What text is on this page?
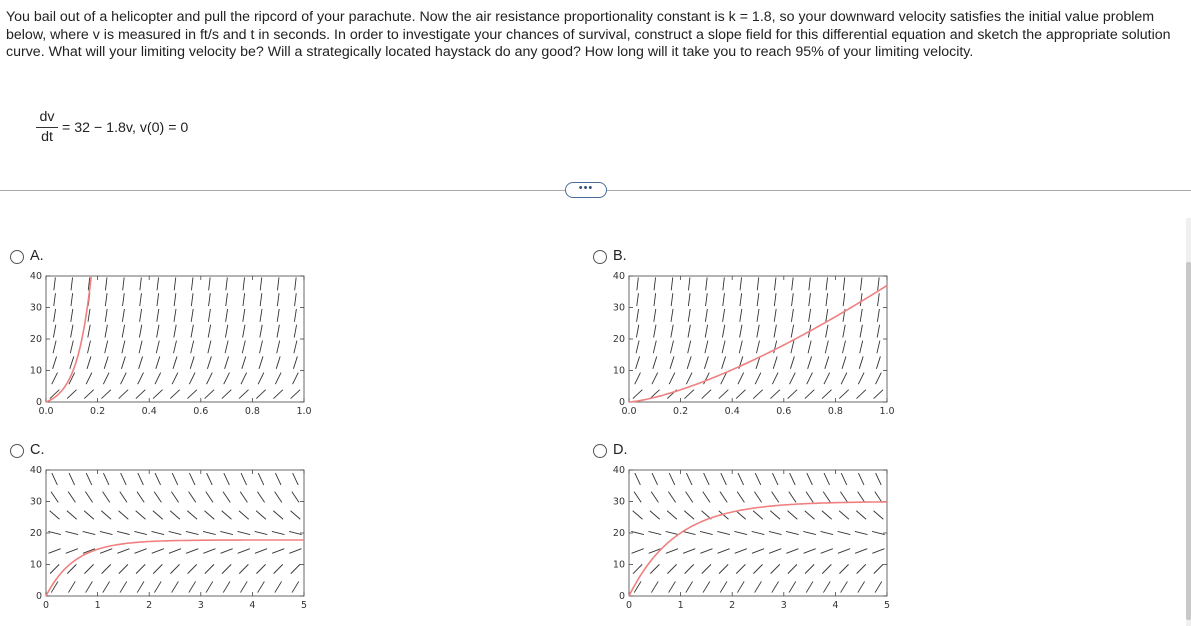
You bail out of a helicopter and pull the ripcord of your parachute. Now the air resistance proportionality constant is k = 1.8, so your downward velocity satisfies the initial value problem below, where v is measured in ft/s and t in seconds. In order to investigate your chances of survival, construct a slope field for this differential equation and sketch the appropriate solution curve. What will your limiting velocity be? Will a strategically located haystack do any good? How long will it take you to reach 95% of your limiting velocity.

dv
dt
= 32 − 1.8v, v(0) = 0
•••
A.
0
10
20
30
40
0.0	0.2	0.4	0.6	0.8	1.0
B.
0
10
20
30
40
0.0	0.2	0.4	0.6	0.8	1.0
C.
0
10
20
30
40
0	1	2	3	4	5
D.
0
10
20
30
40
0	1	2	3	4	5
